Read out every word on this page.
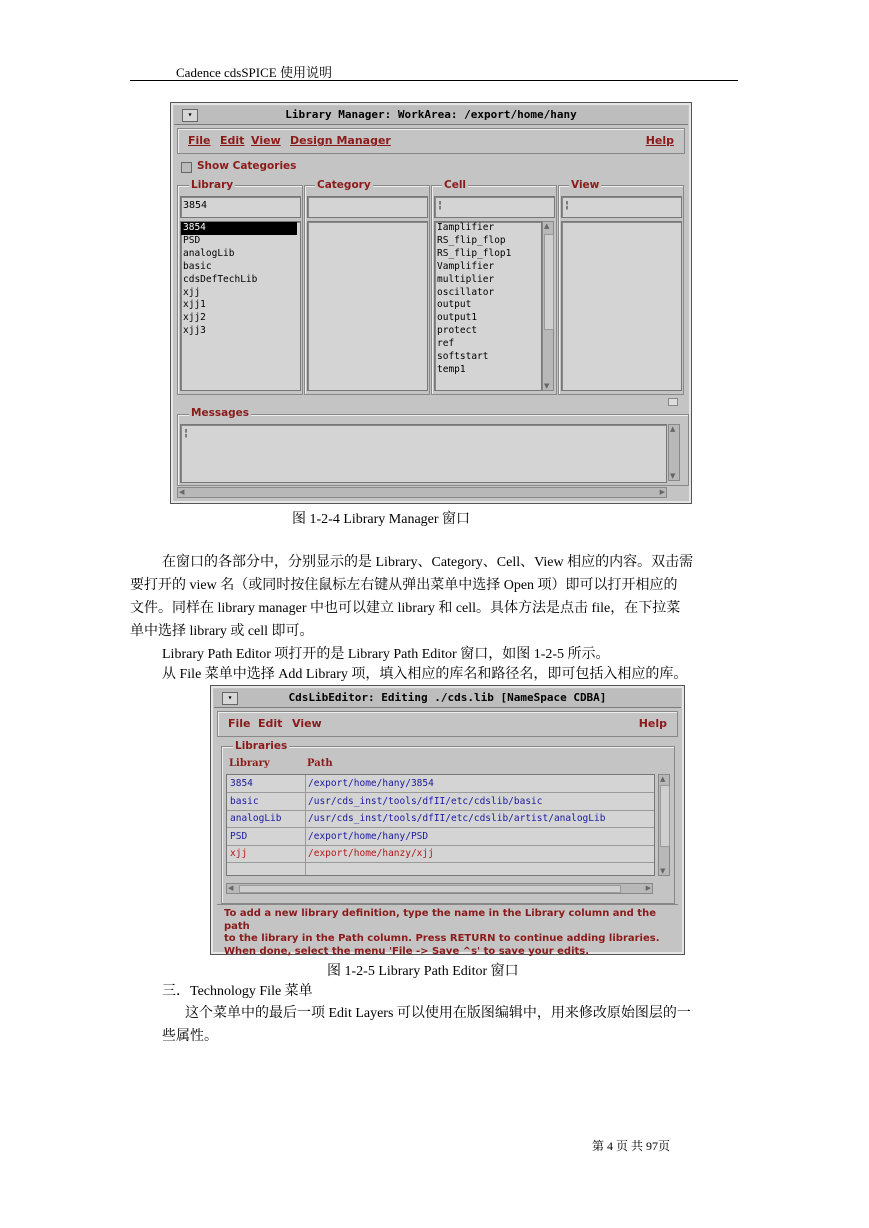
Cadence cdsSPICE 使用说明
▾	Library Manager: WorkArea: /export/home/hany
File Edit View Design Manager	Help
Show Categories
Library
3854
3854
PSD
analogLib
basic
cdsDefTechLib
xjj
xjj1
xjj2
xjj3
Category	Cell
¦
Iamplifier
RS_flip_flop
RS_flip_flop1
Vamplifier
multiplier
oscillator
output
output1
protect
ref
softstart
temp1
▲
▼
View
¦
Messages
¦	▲
▼
◀	▶
图 1-2-4 Library Manager 窗口
在窗口的各部分中，分别显示的是 Library、Category、Cell、View 相应的内容。双击需
要打开的 view 名（或同时按住鼠标左右键从弹出菜单中选择 Open 项）即可以打开相应的
文件。同样在 library manager 中也可以建立 library 和 cell。具体方法是点击 file，在下拉菜
单中选择 library 或 cell 即可。
Library Path Editor 项打开的是 Library Path Editor 窗口，如图 1-2-5 所示。
从 File 菜单中选择 Add Library 项，填入相应的库名和路径名，即可包括入相应的库。
▾	CdsLibEditor: Editing ./cds.lib [NameSpace CDBA]
File Edit View	Help
Libraries
Library	Path
3854	/export/home/hany/3854
basic	/usr/cds_inst/tools/dfII/etc/cdslib/basic
analogLib	/usr/cds_inst/tools/dfII/etc/cdslib/artist/analogLib
PSD	/export/home/hany/PSD
xjj	/export/home/hanzy/xjj
▲
▼
◀	▶
To add a new library definition, type the name in the Library column and the path
to the library in the Path column. Press RETURN to continue adding libraries.
When done, select the menu 'File -> Save ^s' to save your edits.
图 1-2-5 Library Path Editor 窗口
三．Technology File 菜单
这个菜单中的最后一项 Edit Layers 可以使用在版图编辑中，用来修改原始图层的一
些属性。
第 4 页 共 97页
